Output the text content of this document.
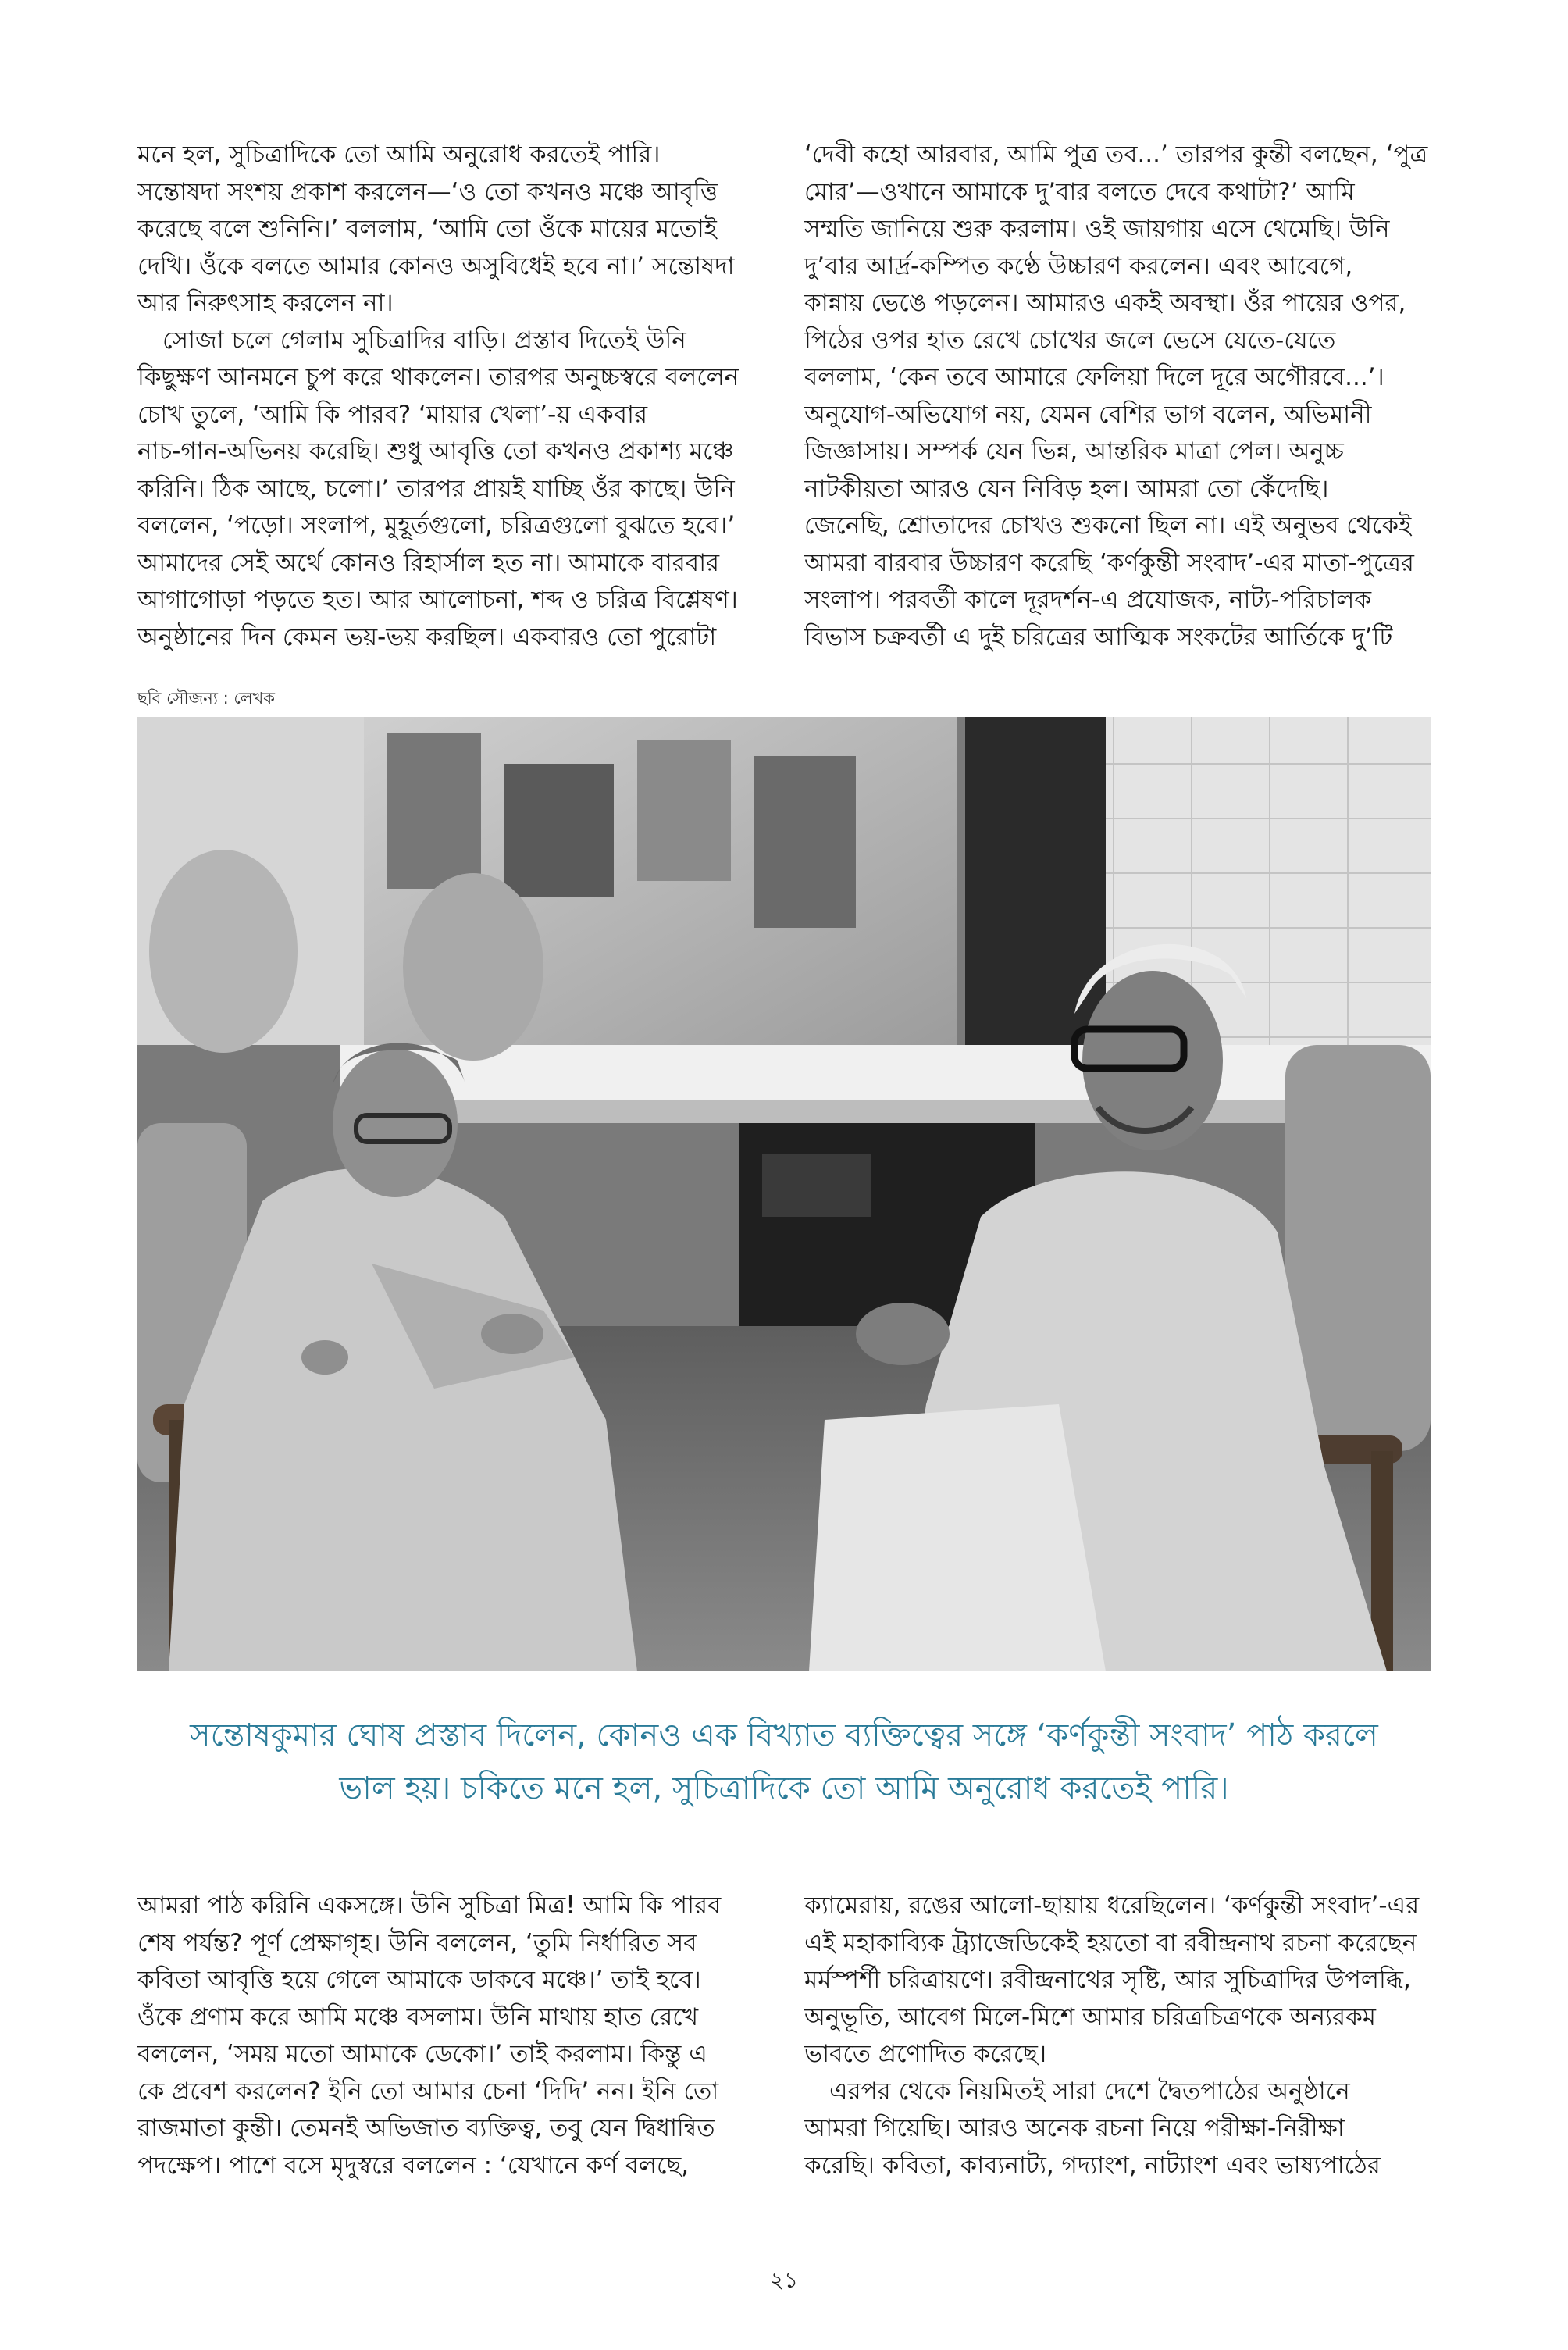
মনে হল, সুচিত্রাদিকে তো আমি অনুরোধ করতেই পারি।

সন্তোষদা সংশয় প্রকাশ করলেন—‘ও তো কখনও মঞ্চে আবৃত্তি

করেছে বলে শুনিনি।’ বললাম, ‘আমি তো ওঁকে মায়ের মতোই

দেখি। ওঁকে বলতে আমার কোনও অসুবিধেই হবে না।’ সন্তোষদা

আর নিরুৎসাহ করলেন না।

সোজা চলে গেলাম সুচিত্রাদির বাড়ি। প্রস্তাব দিতেই উনি

কিছুক্ষণ আনমনে চুপ করে থাকলেন। তারপর অনুচ্চস্বরে বললেন

চোখ তুলে, ‘আমি কি পারব? ‘মায়ার খেলা’-য় একবার

নাচ-গান-অভিনয় করেছি। শুধু আবৃত্তি তো কখনও প্রকাশ্য মঞ্চে

করিনি। ঠিক আছে, চলো।’ তারপর প্রায়ই যাচ্ছি ওঁর কাছে। উনি

বললেন, ‘পড়ো। সংলাপ, মুহূর্তগুলো, চরিত্রগুলো বুঝতে হবে।’

আমাদের সেই অর্থে কোনও রিহার্সাল হত না। আমাকে বারবার

আগাগোড়া পড়তে হত। আর আলোচনা, শব্দ ও চরিত্র বিশ্লেষণ।

অনুষ্ঠানের দিন কেমন ভয়-ভয় করছিল। একবারও তো পুরোটা

‘দেবী কহো আরবার, আমি পুত্র তব...’ তারপর কুন্তী বলছেন, ‘পুত্র

মোর’—ওখানে আমাকে দু’বার বলতে দেবে কথাটা?’ আমি

সম্মতি জানিয়ে শুরু করলাম। ওই জায়গায় এসে থেমেছি। উনি

দু’বার আর্দ্র-কম্পিত কণ্ঠে উচ্চারণ করলেন। এবং আবেগে,

কান্নায় ভেঙে পড়লেন। আমারও একই অবস্থা। ওঁর পায়ের ওপর,

পিঠের ওপর হাত রেখে চোখের জলে ভেসে যেতে-যেতে

বললাম, ‘কেন তবে আমারে ফেলিয়া দিলে দূরে অগৌরবে...’।

অনুযোগ-অভিযোগ নয়, যেমন বেশির ভাগ বলেন, অভিমানী

জিজ্ঞাসায়। সম্পর্ক যেন ভিন্ন, আন্তরিক মাত্রা পেল। অনুচ্চ

নাটকীয়তা আরও যেন নিবিড় হল। আমরা তো কেঁদেছি।

জেনেছি, শ্রোতাদের চোখও শুকনো ছিল না। এই অনুভব থেকেই

আমরা বারবার উচ্চারণ করেছি ‘কর্ণকুন্তী সংবাদ’-এর মাতা-পুত্রের

সংলাপ। পরবর্তী কালে দূরদর্শন-এ প্রযোজক, নাট্য-পরিচালক

বিভাস চক্রবর্তী এ দুই চরিত্রের আত্মিক সংকটের আর্তিকে দু’টি

ছবি সৌজন্য : লেখক

সন্তোষকুমার ঘোষ প্রস্তাব দিলেন, কোনও এক বিখ্যাত ব্যক্তিত্বের সঙ্গে ‘কর্ণকুন্তী সংবাদ’ পাঠ করলে

ভাল হয়। চকিতে মনে হল, সুচিত্রাদিকে তো আমি অনুরোধ করতেই পারি।

আমরা পাঠ করিনি একসঙ্গে। উনি সুচিত্রা মিত্র! আমি কি পারব

শেষ পর্যন্ত? পূর্ণ প্রেক্ষাগৃহ। উনি বললেন, ‘তুমি নির্ধারিত সব

কবিতা আবৃত্তি হয়ে গেলে আমাকে ডাকবে মঞ্চে।’ তাই হবে।

ওঁকে প্রণাম করে আমি মঞ্চে বসলাম। উনি মাথায় হাত রেখে

বললেন, ‘সময় মতো আমাকে ডেকো।’ তাই করলাম। কিন্তু এ

কে প্রবেশ করলেন? ইনি তো আমার চেনা ‘দিদি’ নন। ইনি তো

রাজমাতা কুন্তী। তেমনই অভিজাত ব্যক্তিত্ব, তবু যেন দ্বিধান্বিত

পদক্ষেপ। পাশে বসে মৃদুস্বরে বললেন : ‘যেখানে কর্ণ বলছে,

ক্যামেরায়, রঙের আলো-ছায়ায় ধরেছিলেন। ‘কর্ণকুন্তী সংবাদ’-এর

এই মহাকাব্যিক ট্র্যাজেডিকেই হয়তো বা রবীন্দ্রনাথ রচনা করেছেন

মর্মস্পর্শী চরিত্রায়ণে। রবীন্দ্রনাথের সৃষ্টি, আর সুচিত্রাদির উপলব্ধি,

অনুভূতি, আবেগ মিলে-মিশে আমার চরিত্রচিত্রণকে অন্যরকম

ভাবতে প্রণোদিত করেছে।

এরপর থেকে নিয়মিতই সারা দেশে দ্বৈতপাঠের অনুষ্ঠানে

আমরা গিয়েছি। আরও অনেক রচনা নিয়ে পরীক্ষা-নিরীক্ষা

করেছি। কবিতা, কাব্যনাট্য, গদ্যাংশ, নাট্যাংশ এবং ভাষ্যপাঠের

২১
